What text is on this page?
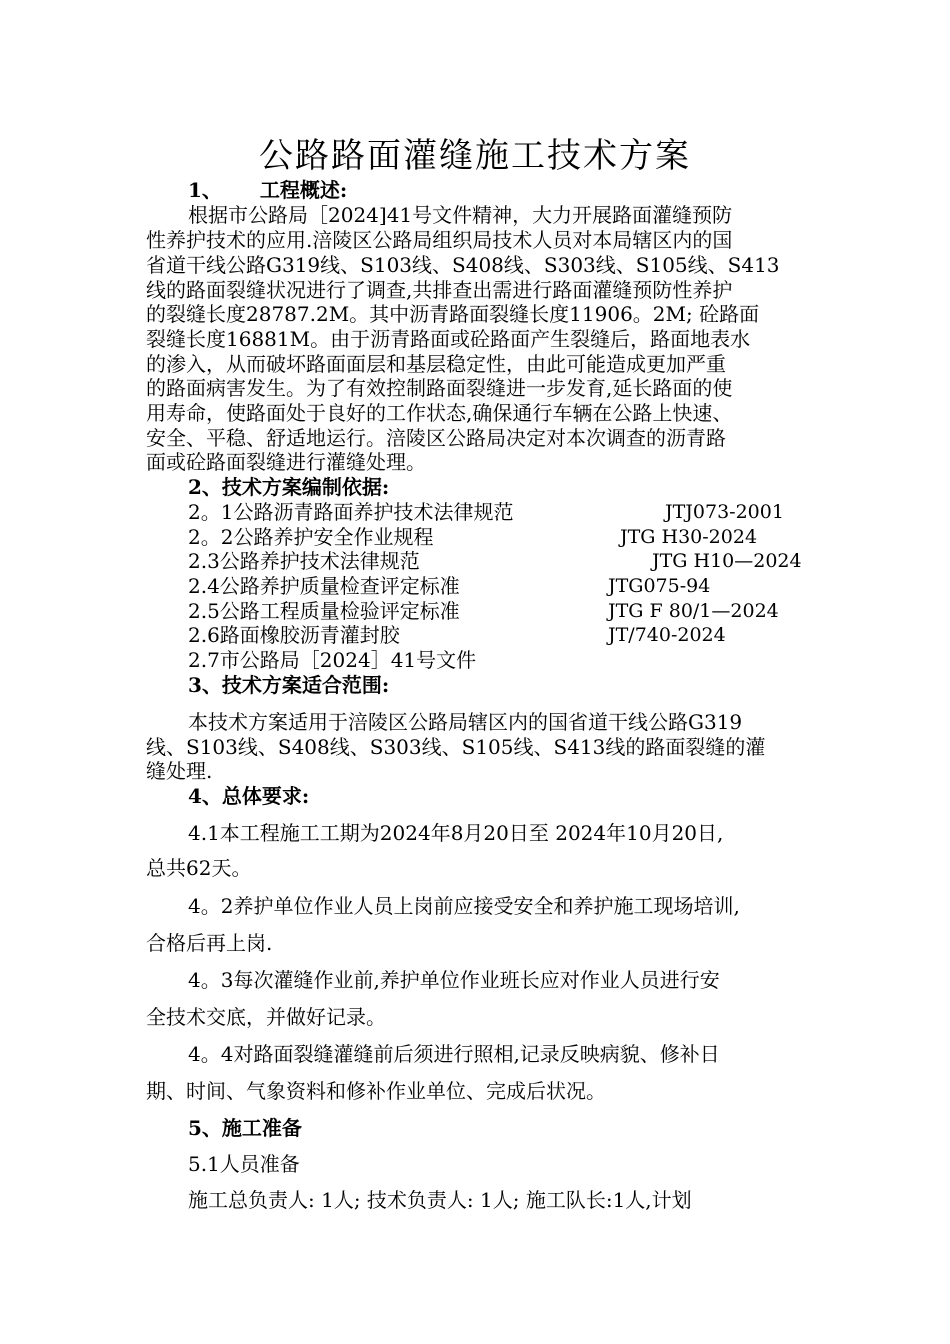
公路路面灌缝施工技术方案
1、 工程概述:
根据市公路局［2024]41号文件精神，大力开展路面灌缝预防
性养护技术的应用.涪陵区公路局组织局技术人员对本局辖区内的国
省道干线公路G319线、S103线、S408线、S303线、S105线、S413
线的路面裂缝状况进行了调查,共排查出需进行路面灌缝预防性养护
的裂缝长度28787.2M。其中沥青路面裂缝长度11906。2M; 砼路面
裂缝长度16881M。由于沥青路面或砼路面产生裂缝后，路面地表水
的渗入，从而破坏路面面层和基层稳定性，由此可能造成更加严重
的路面病害发生。为了有效控制路面裂缝进一步发育,延长路面的使
用寿命，使路面处于良好的工作状态,确保通行车辆在公路上快速、
安全、平稳、舒适地运行。涪陵区公路局决定对本次调查的沥青路
面或砼路面裂缝进行灌缝处理。
2、技术方案编制依据:
2。1公路沥青路面养护技术法律规范	JTJ073-2001
2。2公路养护安全作业规程	JTG H30-2024
2.3公路养护技术法律规范	JTG H10—2024
2.4公路养护质量检查评定标准	JTG075-94
2.5公路工程质量检验评定标准	JTG F 80/1—2024
2.6路面橡胶沥青灌封胶	JT/740-2024
2.7市公路局［2024］41号文件
3、技术方案适合范围:
本技术方案适用于涪陵区公路局辖区内的国省道干线公路G319
线、S103线、S408线、S303线、S105线、S413线的路面裂缝的灌
缝处理.
4、总体要求:
4.1本工程施工工期为2024年8月20日至 2024年10月20日,
总共62天。
4。2养护单位作业人员上岗前应接受安全和养护施工现场培训,
合格后再上岗.
4。3每次灌缝作业前,养护单位作业班长应对作业人员进行安
全技术交底，并做好记录。
4。4对路面裂缝灌缝前后须进行照相,记录反映病貌、修补日
期、时间、气象资料和修补作业单位、完成后状况。
5、施工准备
5.1人员准备
施工总负责人: 1人; 技术负责人: 1人; 施工队长:1人,计划
